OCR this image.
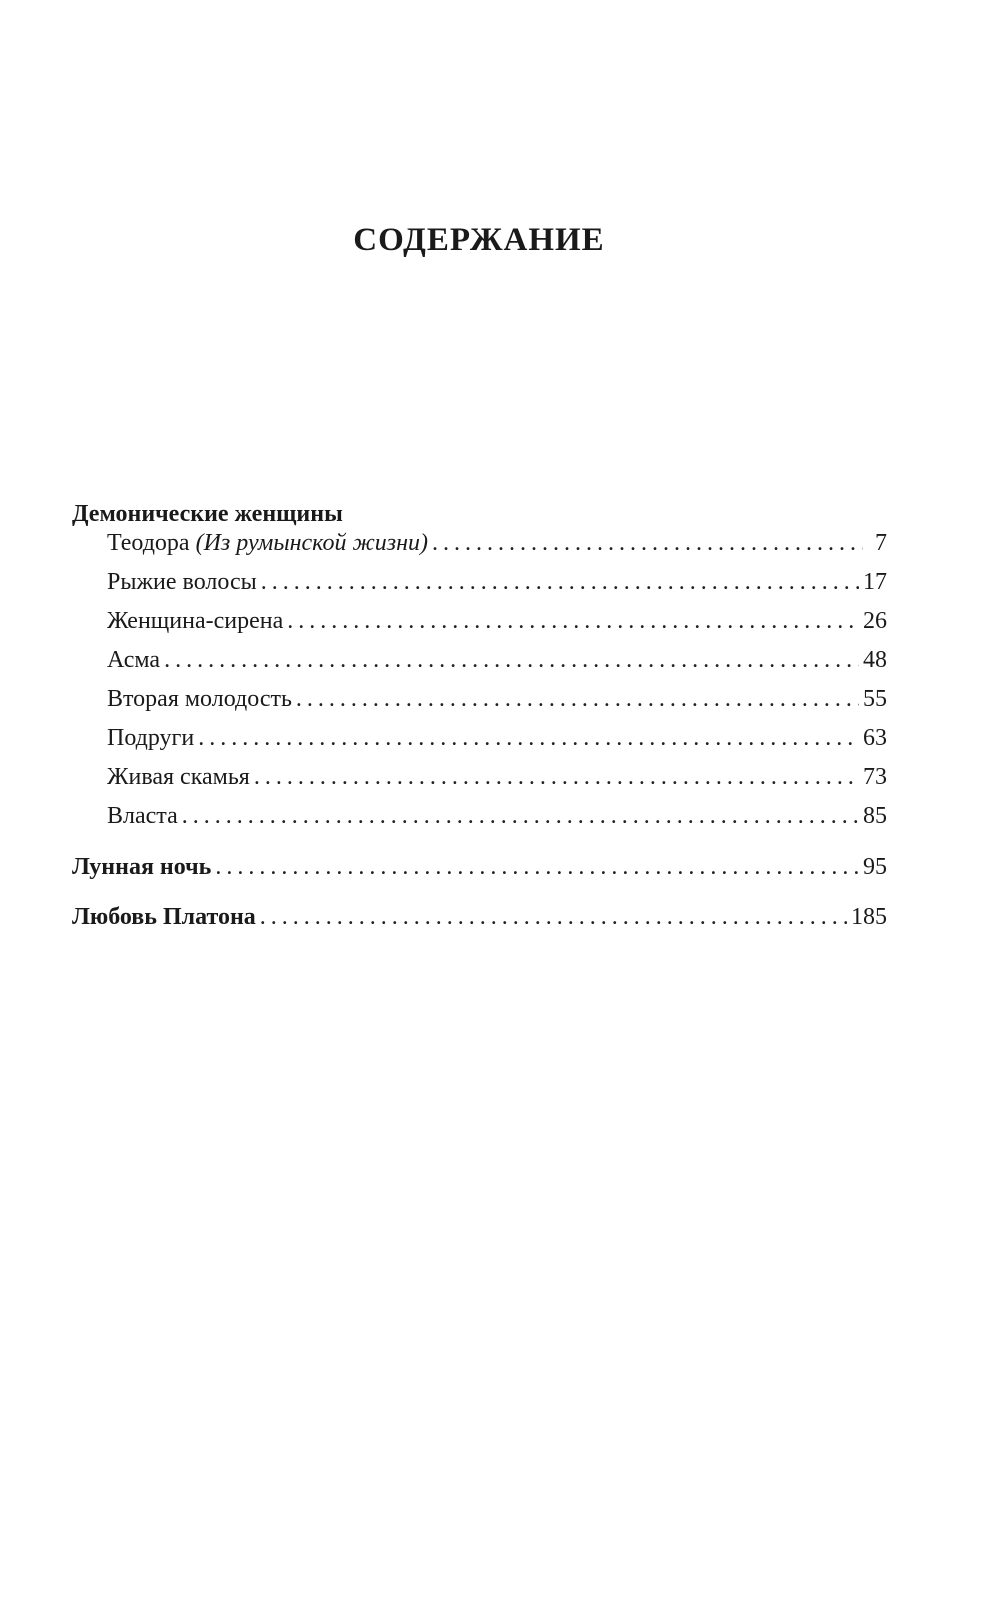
СОДЕРЖАНИЕ
Демонические женщины
Теодора (Из румынской жизни) . . .	7
Рыжие волосы . . .	17
Женщина-сирена . . .	26
Асма . . .	48
Вторая молодость . . .	55
Подруги . . .	63
Живая скамья . . .	73
Власта . . .	85
Лунная ночь . . .	95
Любовь Платона . . .	185
